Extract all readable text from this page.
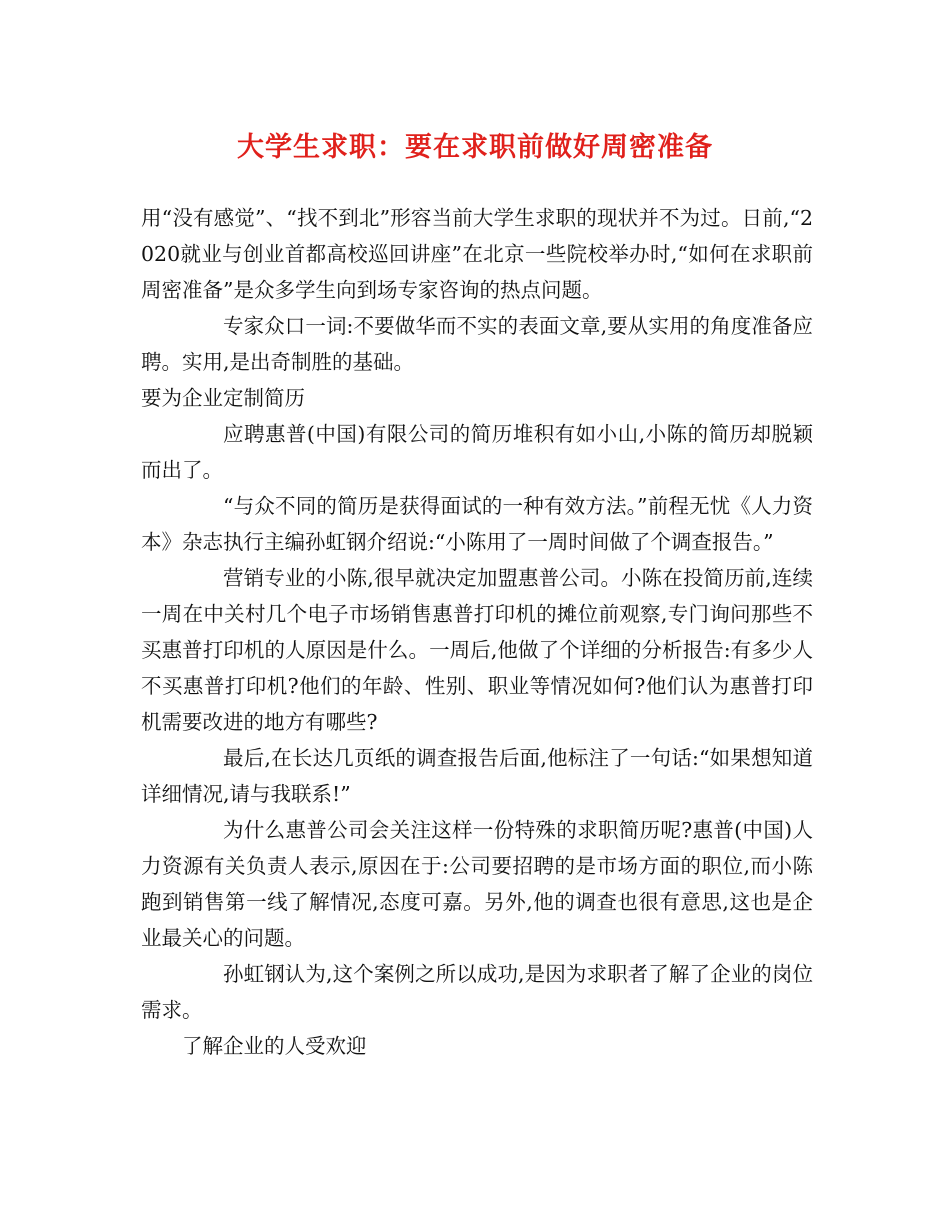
大学生求职：要在求职前做好周密准备

用“没有感觉”、“找不到北”形容当前大学生求职的现状并不为过。日前,“2020就业与创业首都高校巡回讲座”在北京一些院校举办时,“如何在求职前周密准备”是众多学生向到场专家咨询的热点问题。

专家众口一词:不要做华而不实的表面文章,要从实用的角度准备应聘。实用,是出奇制胜的基础。

要为企业定制简历

应聘惠普(中国)有限公司的简历堆积有如小山,小陈的简历却脱颖而出了。

“与众不同的简历是获得面试的一种有效方法。”前程无忧《人力资本》杂志执行主编孙虹钢介绍说:“小陈用了一周时间做了个调查报告。”

营销专业的小陈,很早就决定加盟惠普公司。小陈在投简历前,连续一周在中关村几个电子市场销售惠普打印机的摊位前观察,专门询问那些不买惠普打印机的人原因是什么。一周后,他做了个详细的分析报告:有多少人不买惠普打印机?他们的年龄、性别、职业等情况如何?他们认为惠普打印机需要改进的地方有哪些?

最后,在长达几页纸的调查报告后面,他标注了一句话:“如果想知道详细情况,请与我联系!”

为什么惠普公司会关注这样一份特殊的求职简历呢?惠普(中国)人力资源有关负责人表示,原因在于:公司要招聘的是市场方面的职位,而小陈跑到销售第一线了解情况,态度可嘉。另外,他的调查也很有意思,这也是企业最关心的问题。

孙虹钢认为,这个案例之所以成功,是因为求职者了解了企业的岗位需求。

了解企业的人受欢迎
